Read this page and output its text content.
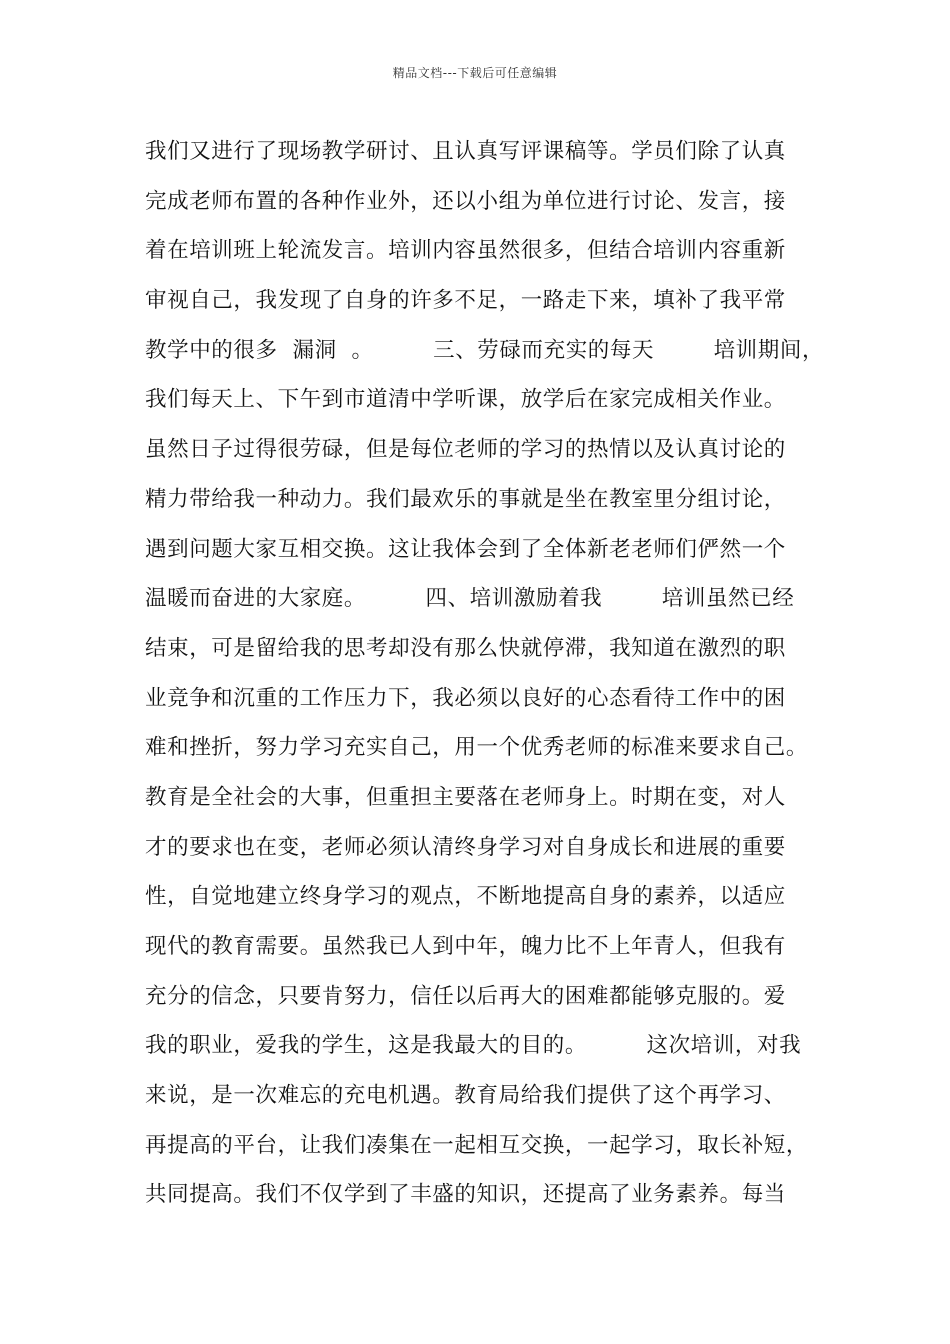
精品文档---下载后可任意编辑
我们又进行了现场教学研讨、且认真写评课稿等。学员们除了认真
完成老师布置的各种作业外，还以小组为单位进行讨论、发言，接
着在培训班上轮流发言。培训内容虽然很多，但结合培训内容重新
审视自己，我发现了自身的许多不足，一路走下来，填补了我平常
教学中的很多  漏洞  。        三、劳碌而充实的每天        培训期间，
我们每天上、下午到市道清中学听课，放学后在家完成相关作业。
虽然日子过得很劳碌，但是每位老师的学习的热情以及认真讨论的
精力带给我一种动力。我们最欢乐的事就是坐在教室里分组讨论，
遇到问题大家互相交换。这让我体会到了全体新老老师们俨然一个
温暖而奋进的大家庭。        四、培训激励着我        培训虽然已经
结束，可是留给我的思考却没有那么快就停滞，我知道在激烈的职
业竞争和沉重的工作压力下，我必须以良好的心态看待工作中的困
难和挫折，努力学习充实自己，用一个优秀老师的标准来要求自己。
教育是全社会的大事，但重担主要落在老师身上。时期在变，对人
才的要求也在变，老师必须认清终身学习对自身成长和进展的重要
性，自觉地建立终身学习的观点，不断地提高自身的素养，以适应
现代的教育需要。虽然我已人到中年，魄力比不上年青人，但我有
充分的信念，只要肯努力，信任以后再大的困难都能够克服的。爱
我的职业，爱我的学生，这是我最大的目的。        这次培训，对我
来说，是一次难忘的充电机遇。教育局给我们提供了这个再学习、
再提高的平台，让我们凑集在一起相互交换，一起学习，取长补短，
共同提高。我们不仅学到了丰盛的知识，还提高了业务素养。每当
